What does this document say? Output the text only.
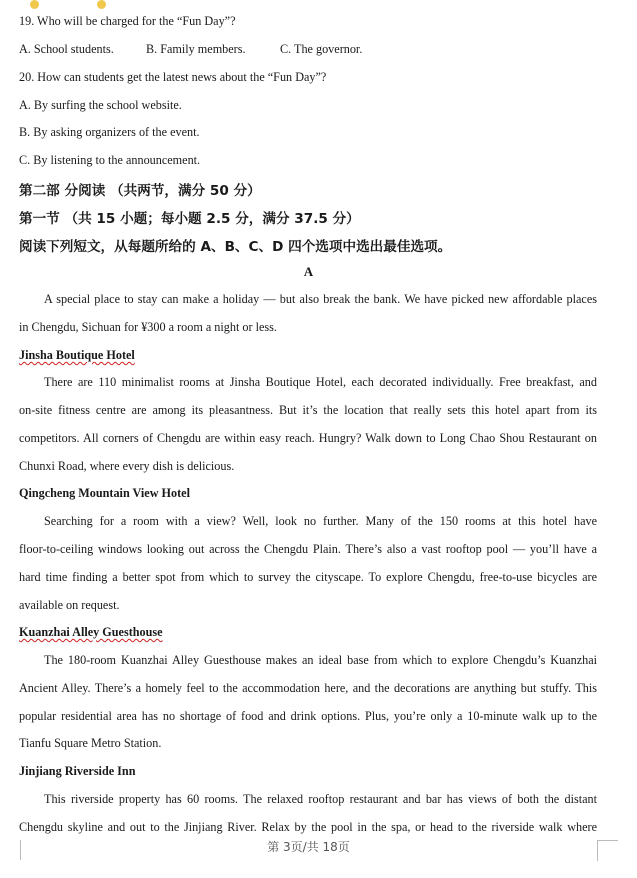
19. Who will be charged for the “Fun Day”?
A. School students.	B. Family members.	C. The governor.
20. How can students get the latest news about the “Fun Day”?
A. By surfing the school website.
B. By asking organizers of the event.
C. By listening to the announcement.
第二部 分阅读 （共两节，满分 50 分）
第一节 （共 15 小题；每小题 2.5 分，满分 37.5 分）
阅读下列短文，从每题所给的 A、B、C、D 四个选项中选出最佳选项。
A
A special place to stay can make a holiday — but also break the bank. We have picked new affordable places
in Chengdu, Sichuan for ¥300 a room a night or less.
Jinsha Boutique Hotel
There are 110 minimalist rooms at Jinsha Boutique Hotel, each decorated individually. Free breakfast, and
on-site fitness centre are among its pleasantness. But it’s the location that really sets this hotel apart from its
competitors. All corners of Chengdu are within easy reach. Hungry? Walk down to Long Chao Shou Restaurant on
Chunxi Road, where every dish is delicious.
Qingcheng Mountain View Hotel
Searching for a room with a view? Well, look no further. Many of the 150 rooms at this hotel have
floor-to-ceiling windows looking out across the Chengdu Plain. There’s also a vast rooftop pool — you’ll have a
hard time finding a better spot from which to survey the cityscape. To explore Chengdu, free-to-use bicycles are
available on request.
Kuanzhai Alley Guesthouse
The 180-room Kuanzhai Alley Guesthouse makes an ideal base from which to explore Chengdu’s Kuanzhai
Ancient Alley. There’s a homely feel to the accommodation here, and the decorations are anything but stuffy. This
popular residential area has no shortage of food and drink options. Plus, you’re only a 10-minute walk up to the
Tianfu Square Metro Station.
Jinjiang Riverside Inn
This riverside property has 60 rooms. The relaxed rooftop restaurant and bar has views of both the distant
Chengdu skyline and out to the Jinjiang River. Relax by the pool in the spa, or head to the riverside walk where
第 3页/共 18页
